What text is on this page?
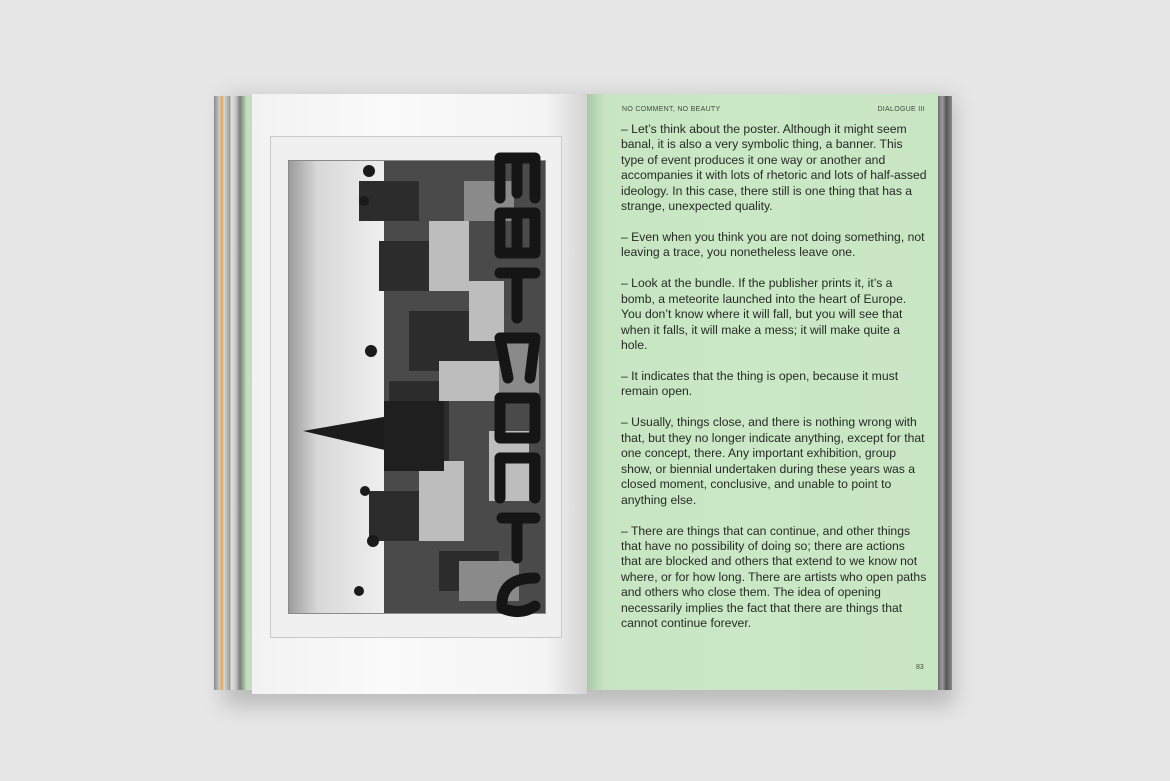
NO COMMENT, NO BEAUTY	DIALOGUE III

– Let’s think about the poster. Although it might seem banal, it is also a very symbolic thing, a banner. This type of event produces it one way or another and accompanies it with lots of rhetoric and lots of half-assed ideology. In this case, there still is one thing that has a strange, unexpected quality.

– Even when you think you are not doing something, not leaving a trace, you nonetheless leave one.

– Look at the bundle. If the publisher prints it, it’s a bomb, a meteorite launched into the heart of Europe. You don’t know where it will fall, but you will see that when it falls, it will make a mess; it will make quite a hole.

– It indicates that the thing is open, because it must remain open.

– Usually, things close, and there is nothing wrong with that, but they no longer indicate anything, except for that one concept, there. Any important exhibition, group show, or biennial undertaken during these years was a closed moment, conclusive, and unable to point to anything else.

– There are things that can continue, and other things that have no possibility of doing so; there are actions that are blocked and others that extend to we know not where, or for how long. There are artists who open paths and others who close them. The idea of opening necessarily implies the fact that there are things that cannot continue forever.

83
